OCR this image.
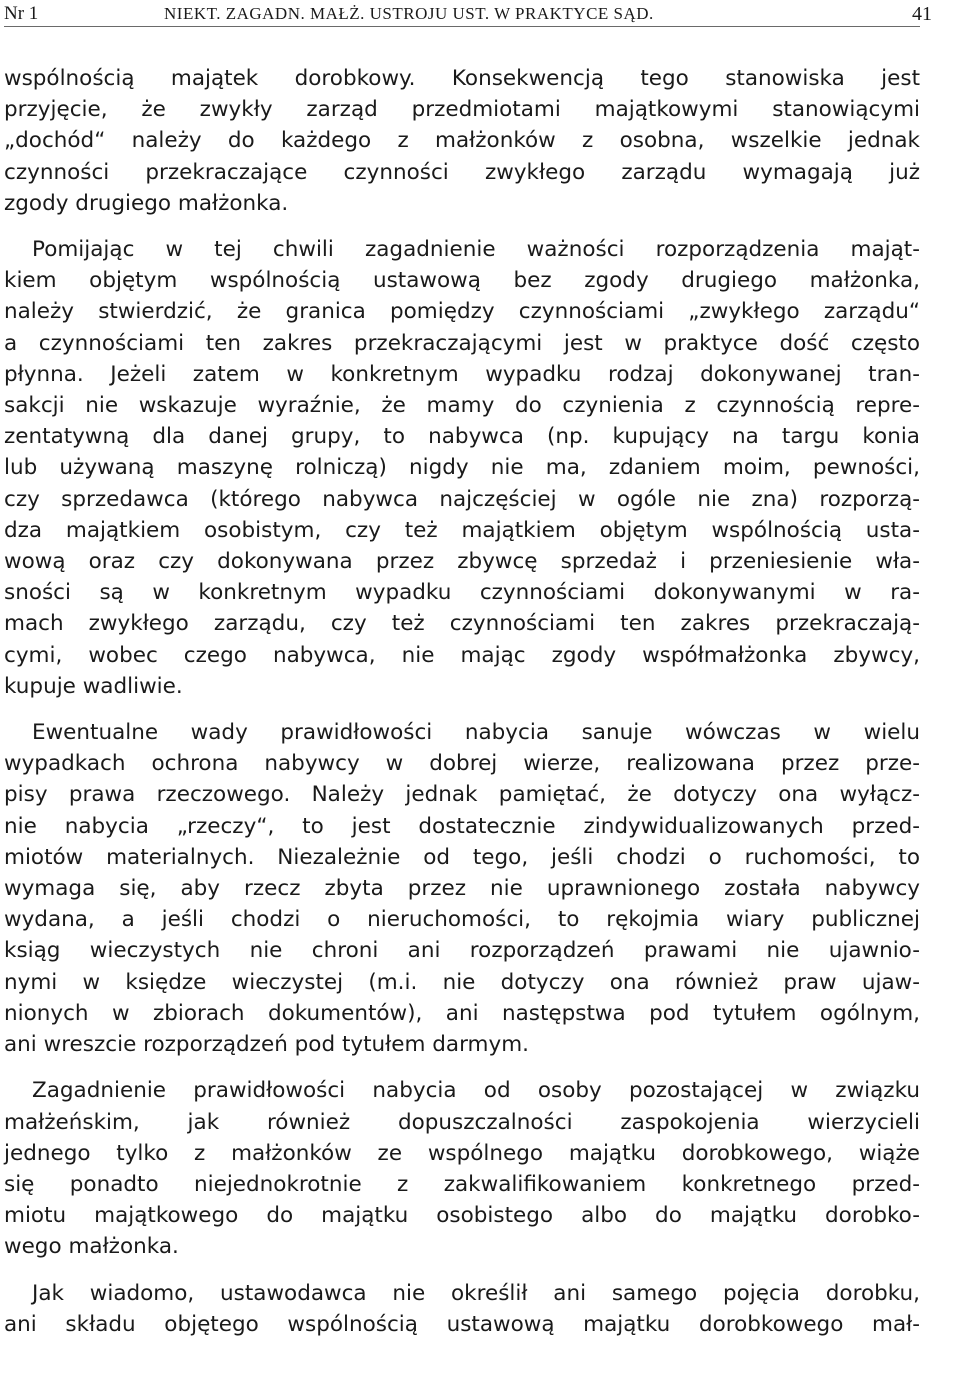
Nr 1	NIEKT. ZAGADN. MAŁŻ. USTROJU UST. W PRAKTYCE SĄD.	41
wspólnością majątek dorobkowy. Konsekwencją tego stanowiska jest
przyjęcie, że zwykły zarząd przedmiotami majątkowymi stanowiącymi
„dochód“ należy do każdego z małżonków z osobna, wszelkie jednak
czynności przekraczające czynności zwykłego zarządu wymagają już
zgody drugiego małżonka.
Pomijając w tej chwili zagadnienie ważności rozporządzenia mająt-
kiem objętym wspólnością ustawową bez zgody drugiego małżonka,
należy stwierdzić, że granica pomiędzy czynnościami „zwykłego zarządu“
a czynnościami ten zakres przekraczającymi jest w praktyce dość często
płynna. Jeżeli zatem w konkretnym wypadku rodzaj dokonywanej tran-
sakcji nie wskazuje wyraźnie, że mamy do czynienia z czynnością repre-
zentatywną dla danej grupy, to nabywca (np. kupujący na targu konia
lub używaną maszynę rolniczą) nigdy nie ma, zdaniem moim, pewności,
czy sprzedawca (którego nabywca najczęściej w ogóle nie zna) rozporzą-
dza majątkiem osobistym, czy też majątkiem objętym wspólnością usta-
wową oraz czy dokonywana przez zbywcę sprzedaż i przeniesienie wła-
sności są w konkretnym wypadku czynnościami dokonywanymi w ra-
mach zwykłego zarządu, czy też czynnościami ten zakres przekraczają-
cymi, wobec czego nabywca, nie mając zgody współmałżonka zbywcy,
kupuje wadliwie.
Ewentualne wady prawidłowości nabycia sanuje wówczas w wielu
wypadkach ochrona nabywcy w dobrej wierze, realizowana przez prze-
pisy prawa rzeczowego. Należy jednak pamiętać, że dotyczy ona wyłącz-
nie nabycia „rzeczy“, to jest dostatecznie zindywidualizowanych przed-
miotów materialnych. Niezależnie od tego, jeśli chodzi o ruchomości, to
wymaga się, aby rzecz zbyta przez nie uprawnionego została nabywcy
wydana, a jeśli chodzi o nieruchomości, to rękojmia wiary publicznej
ksiąg wieczystych nie chroni ani rozporządzeń prawami nie ujawnio-
nymi w księdze wieczystej (m.i. nie dotyczy ona również praw ujaw-
nionych w zbiorach dokumentów), ani następstwa pod tytułem ogólnym,
ani wreszcie rozporządzeń pod tytułem darmym.
Zagadnienie prawidłowości nabycia od osoby pozostającej w związku
małżeńskim, jak również dopuszczalności zaspokojenia wierzycieli
jednego tylko z małżonków ze wspólnego majątku dorobkowego, wiąże
się ponadto niejednokrotnie z zakwalifikowaniem konkretnego przed-
miotu majątkowego do majątku osobistego albo do majątku dorobko-
wego małżonka.
Jak wiadomo, ustawodawca nie określił ani samego pojęcia dorobku,
ani składu objętego wspólnością ustawową majątku dorobkowego mał-
